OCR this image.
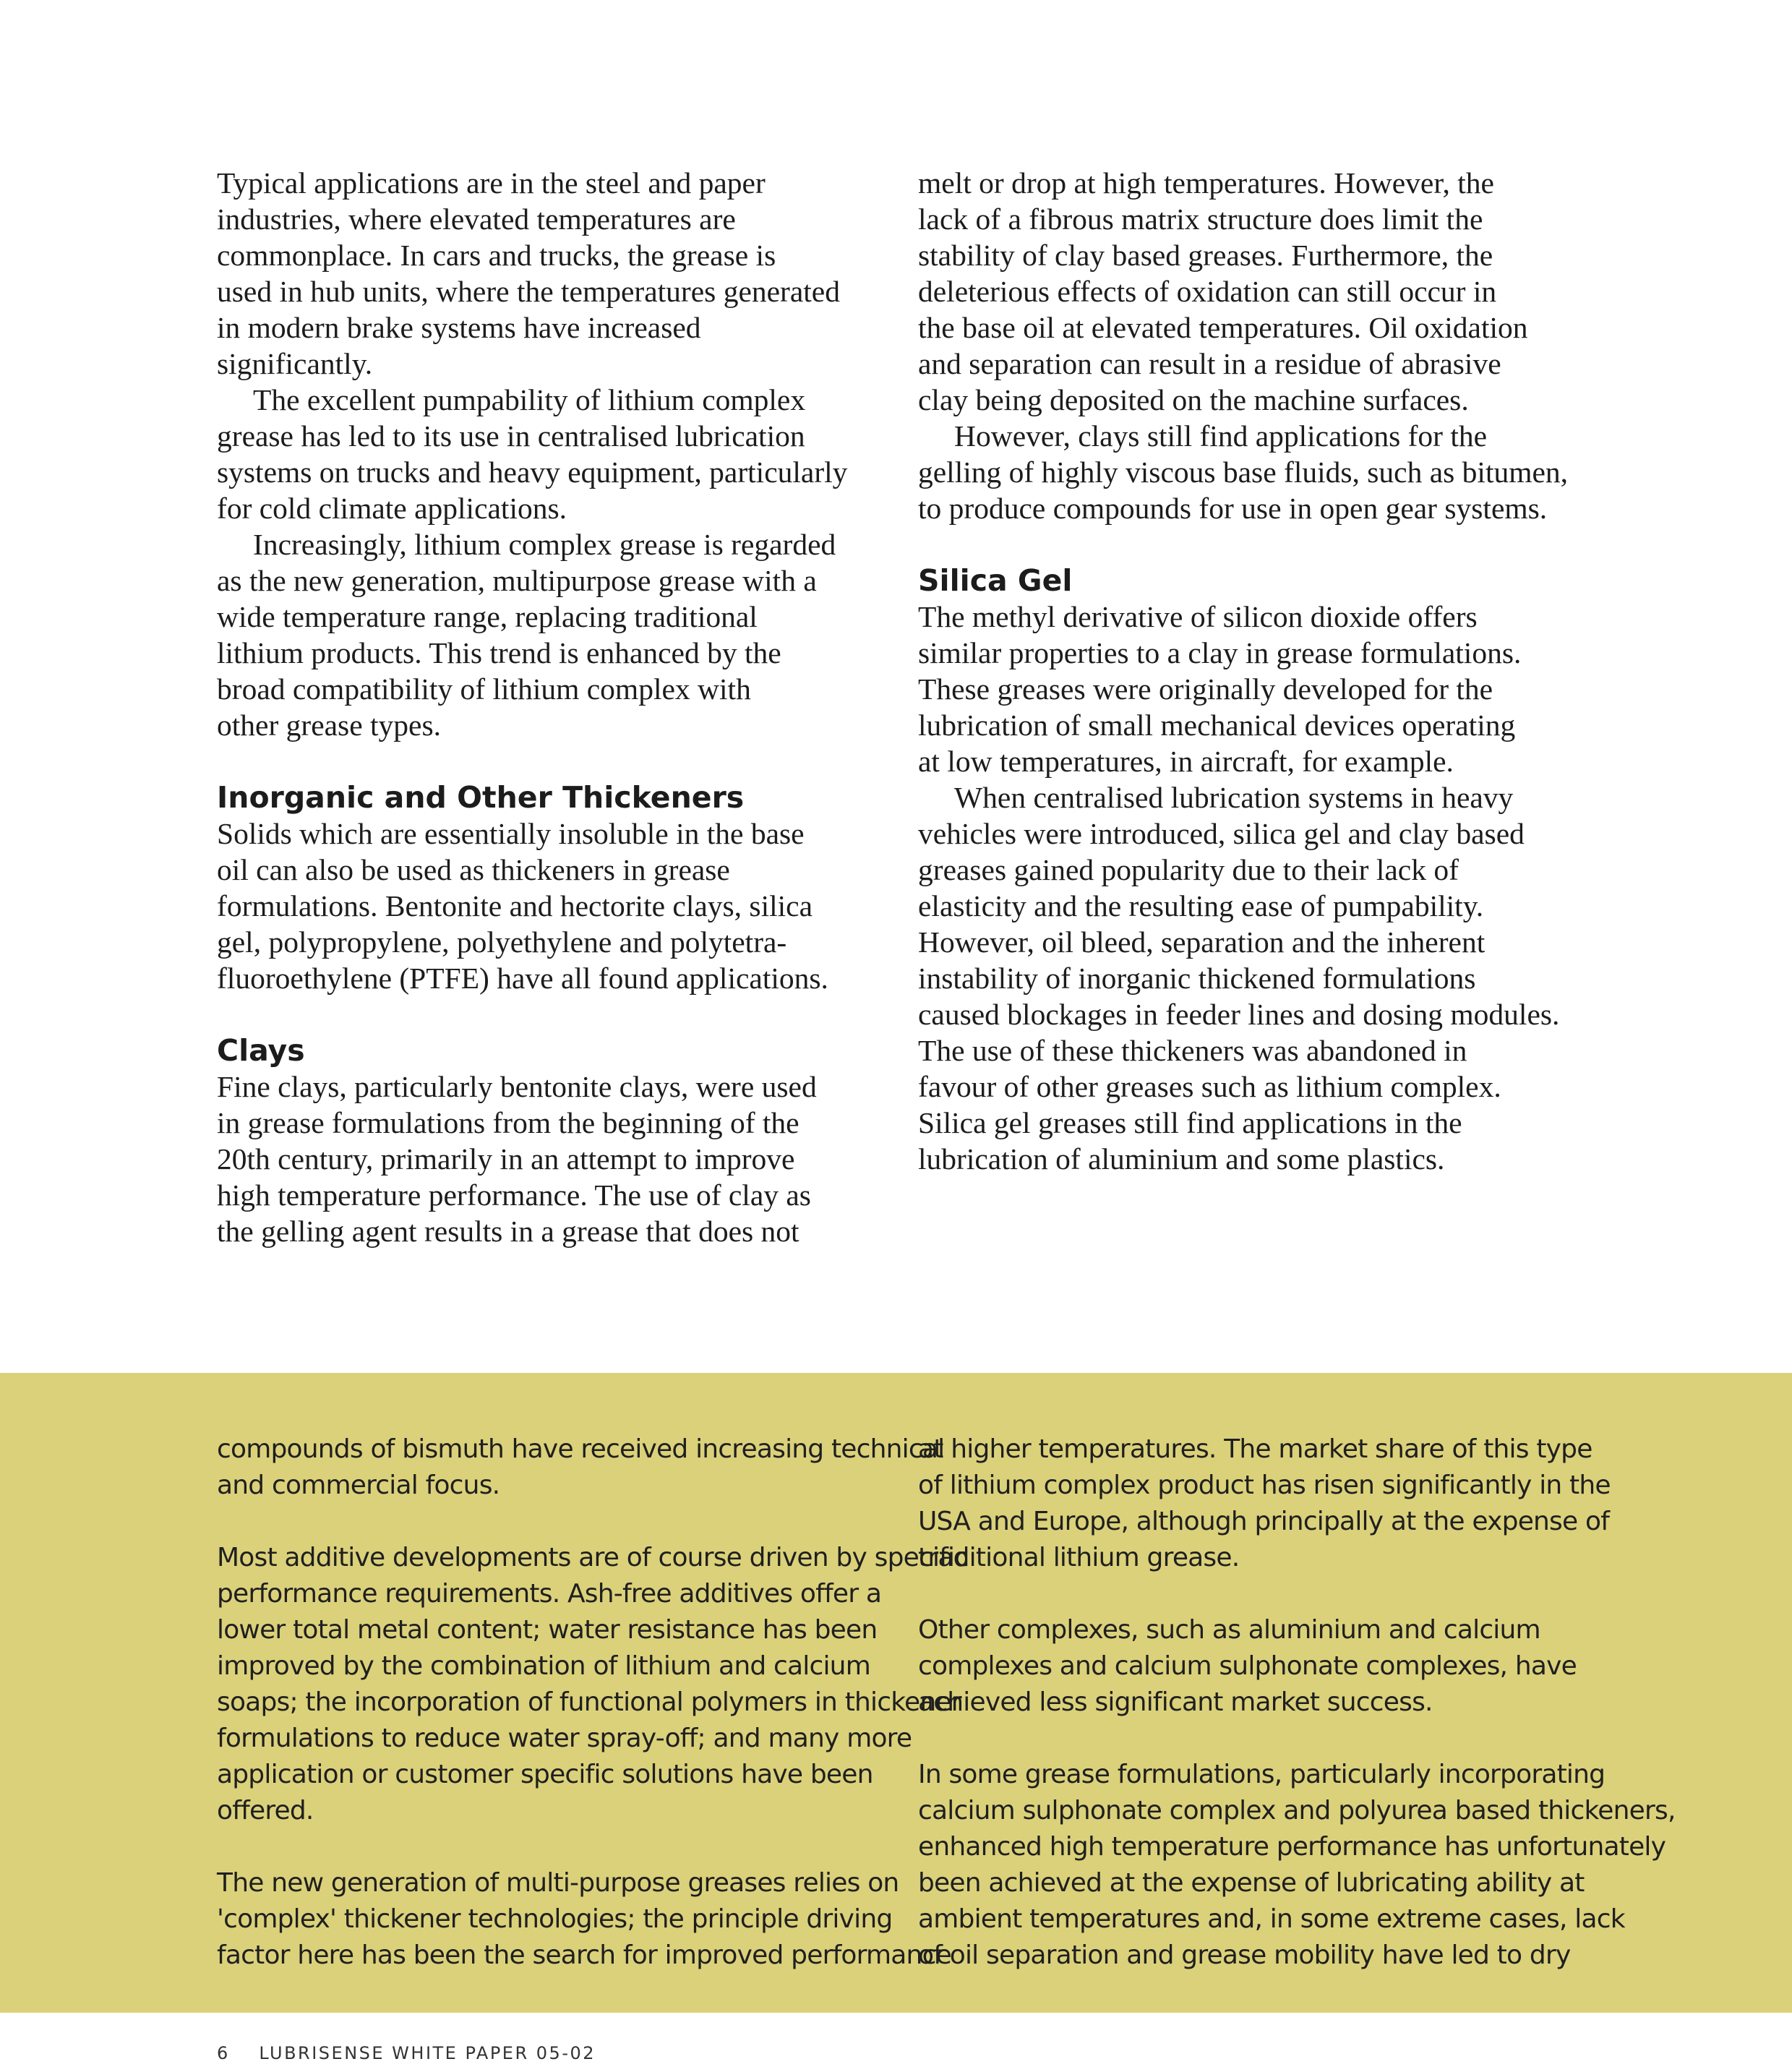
Typical applications are in the steel and paper

industries, where elevated temperatures are

commonplace. In cars and trucks, the grease is

used in hub units, where the temperatures generated

in modern brake systems have increased

significantly.

The excellent pumpability of lithium complex

grease has led to its use in centralised lubrication

systems on trucks and heavy equipment, particularly

for cold climate applications.

Increasingly, lithium complex grease is regarded

as the new generation, multipurpose grease with a

wide temperature range, replacing traditional

lithium products. This trend is enhanced by the

broad compatibility of lithium complex with

other grease types.

Inorganic and Other Thickeners

Solids which are essentially insoluble in the base

oil can also be used as thickeners in grease

formulations. Bentonite and hectorite clays, silica

gel, polypropylene, polyethylene and polytetra-

fluoroethylene (PTFE) have all found applications.

Clays

Fine clays, particularly bentonite clays, were used

in grease formulations from the beginning of the

20th century, primarily in an attempt to improve

high temperature performance. The use of clay as

the gelling agent results in a grease that does not

melt or drop at high temperatures. However, the

lack of a fibrous matrix structure does limit the

stability of clay based greases. Furthermore, the

deleterious effects of oxidation can still occur in

the base oil at elevated temperatures. Oil oxidation

and separation can result in a residue of abrasive

clay being deposited on the machine surfaces.

However, clays still find applications for the

gelling of highly viscous base fluids, such as bitumen,

to produce compounds for use in open gear systems.

Silica Gel

The methyl derivative of silicon dioxide offers

similar properties to a clay in grease formulations.

These greases were originally developed for the

lubrication of small mechanical devices operating

at low temperatures, in aircraft, for example.

When centralised lubrication systems in heavy

vehicles were introduced, silica gel and clay based

greases gained popularity due to their lack of

elasticity and the resulting ease of pumpability.

However, oil bleed, separation and the inherent

instability of inorganic thickened formulations

caused blockages in feeder lines and dosing modules.

The use of these thickeners was abandoned in

favour of other greases such as lithium complex.

Silica gel greases still find applications in the

lubrication of aluminium and some plastics.

compounds of bismuth have received increasing technical

and commercial focus.

Most additive developments are of course driven by specific

performance requirements. Ash-free additives offer a

lower total metal content; water resistance has been

improved by the combination of lithium and calcium

soaps; the incorporation of functional polymers in thickener

formulations to reduce water spray-off; and many more

application or customer specific solutions have been

offered.

The new generation of multi-purpose greases relies on

'complex' thickener technologies; the principle driving

factor here has been the search for improved performance

at higher temperatures. The market share of this type

of lithium complex product has risen significantly in the

USA and Europe, although principally at the expense of

traditional lithium grease.

Other complexes, such as aluminium and calcium

complexes and calcium sulphonate complexes, have

achieved less significant market success.

In some grease formulations, particularly incorporating

calcium sulphonate complex and polyurea based thickeners,

enhanced high temperature performance has unfortunately

been achieved at the expense of lubricating ability at

ambient temperatures and, in some extreme cases, lack

of oil separation and grease mobility have led to dry

6 LUBRISENSE WHITE PAPER 05-02
